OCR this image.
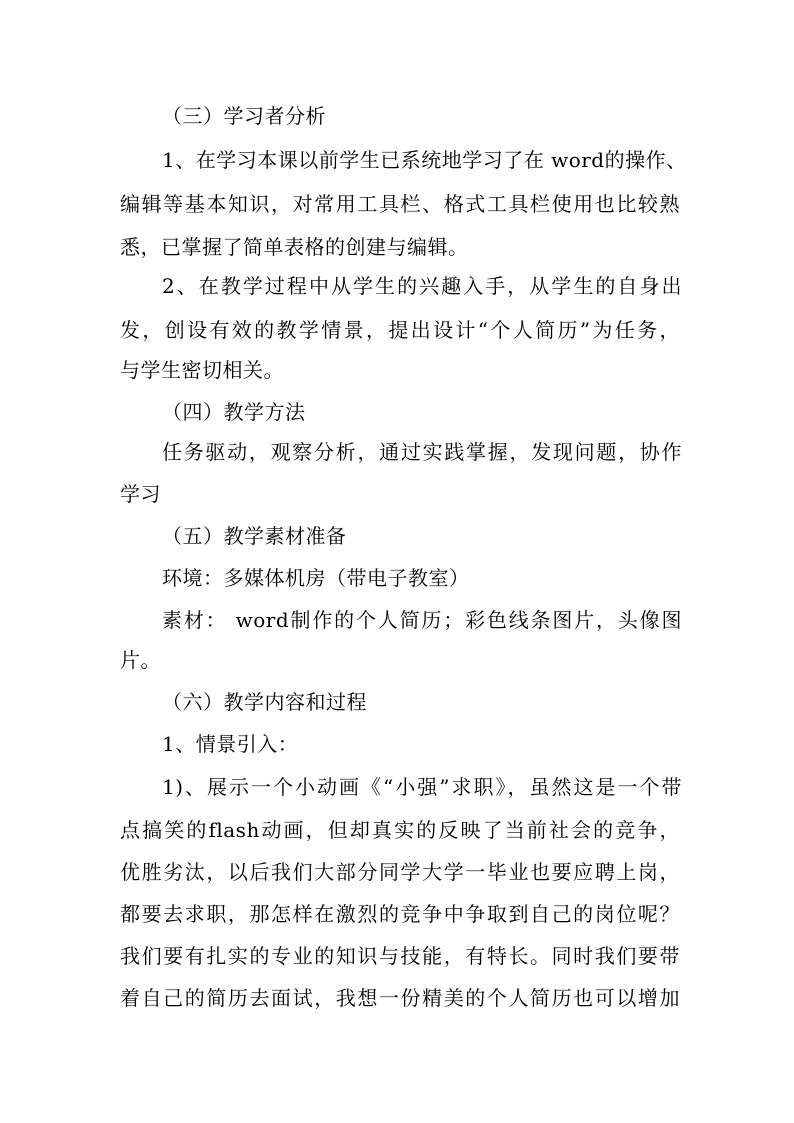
（三）学习者分析
1、在学习本课以前学生已系统地学习了在 word的操作、
编辑等基本知识，对常用工具栏、格式工具栏使用也比较熟
悉，已掌握了简单表格的创建与编辑。
2、在教学过程中从学生的兴趣入手，从学生的自身出
发，创设有效的教学情景，提出设计“个人简历”为任务，
与学生密切相关。
（四）教学方法
任务驱动，观察分析，通过实践掌握，发现问题，协作
学习
（五）教学素材准备
环境：多媒体机房（带电子教室）
素材： word制作的个人简历；彩色线条图片，头像图
片。
（六）教学内容和过程
1、情景引入：
1)、展示一个小动画《“小强”求职》，虽然这是一个带
点搞笑的flash动画，但却真实的反映了当前社会的竞争，
优胜劣汰，以后我们大部分同学大学一毕业也要应聘上岗，
都要去求职，那怎样在激烈的竞争中争取到自己的岗位呢？
我们要有扎实的专业的知识与技能，有特长。同时我们要带
着自己的简历去面试，我想一份精美的个人简历也可以增加
